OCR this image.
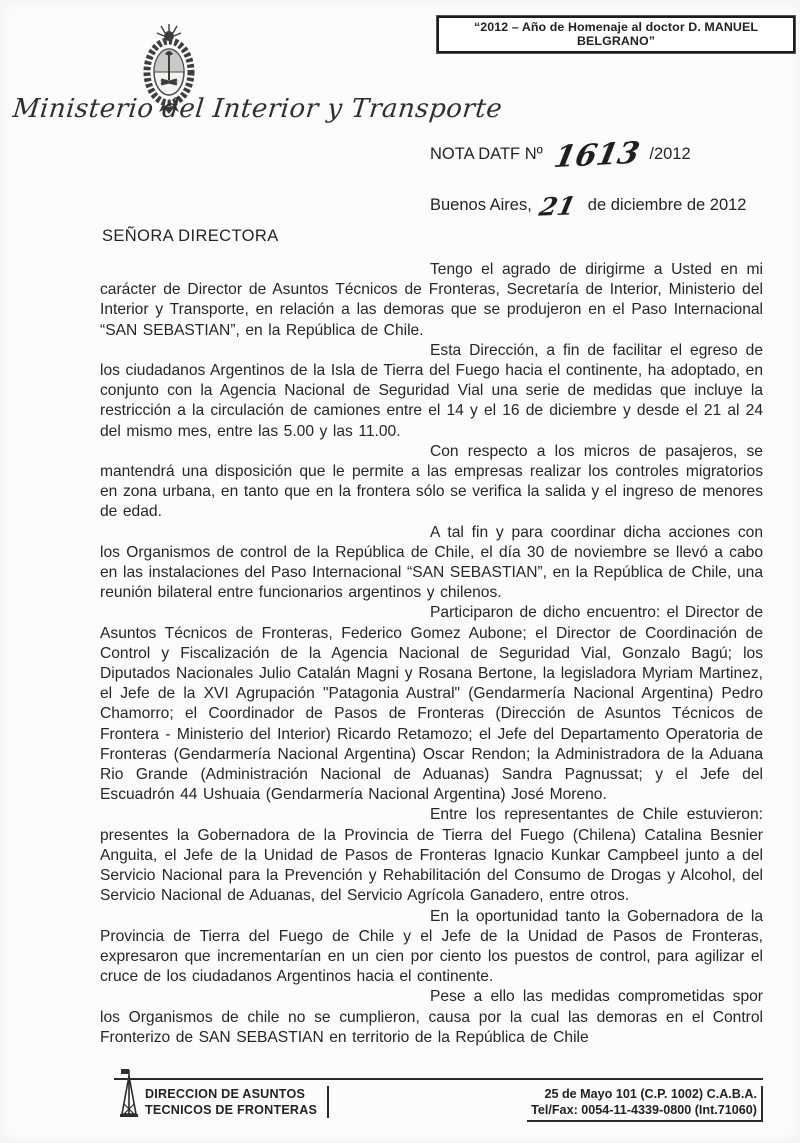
“2012 – Año de Homenaje al doctor D. MANUEL BELGRANO”
Ministerio del Interior y Transporte
NOTA DATF Nº 1613 /2012
Buenos Aires, 21 de diciembre de 2012
SEÑORA DIRECTORA

Tengo el agrado de dirigirme a Usted en mi carácter de Director de Asuntos Técnicos de Fronteras, Secretaría de Interior, Ministerio del Interior y Transporte, en relación a las demoras que se produjeron en el Paso Internacional “SAN SEBASTIAN”, en la República de Chile.

Esta Dirección, a fin de facilitar el egreso de los ciudadanos Argentinos de la Isla de Tierra del Fuego hacia el continente, ha adoptado, en conjunto con la Agencia Nacional de Seguridad Vial una serie de medidas que incluye la restricción a la circulación de camiones entre el 14 y el 16 de diciembre y desde el 21 al 24 del mismo mes, entre las 5.00 y las 11.00.

Con respecto a los micros de pasajeros, se mantendrá una disposición que le permite a las empresas realizar los controles migratorios en zona urbana, en tanto que en la frontera sólo se verifica la salida y el ingreso de menores de edad.

A tal fin y para coordinar dicha acciones con los Organismos de control de la República de Chile, el día 30 de noviembre se llevó a cabo en las instalaciones del Paso Internacional “SAN SEBASTIAN”, en la República de Chile, una reunión bilateral entre funcionarios argentinos y chilenos.

Participaron de dicho encuentro: el Director de Asuntos Técnicos de Fronteras, Federico Gomez Aubone; el Director de Coordinación de Control y Fiscalización de la Agencia Nacional de Seguridad Vial, Gonzalo Bagú; los Diputados Nacionales Julio Catalán Magni y Rosana Bertone, la legisladora Myriam Martinez, el Jefe de la XVI Agrupación "Patagonia Austral" (Gendarmería Nacional Argentina) Pedro Chamorro; el Coordinador de Pasos de Fronteras (Dirección de Asuntos Técnicos de Frontera - Ministerio del Interior) Ricardo Retamozo; el Jefe del Departamento Operatoria de Fronteras (Gendarmería Nacional Argentina) Oscar Rendon; la Administradora de la Aduana Rio Grande (Administración Nacional de Aduanas) Sandra Pagnussat; y el Jefe del Escuadrón 44 Ushuaia (Gendarmería Nacional Argentina) José Moreno.

Entre los representantes de Chile estuvieron: presentes la Gobernadora de la Provincia de Tierra del Fuego (Chilena) Catalina Besnier Anguita, el Jefe de la Unidad de Pasos de Fronteras Ignacio Kunkar Campbeel junto a del Servicio Nacional para la Prevención y Rehabilitación del Consumo de Drogas y Alcohol, del Servicio Nacional de Aduanas, del Servicio Agrícola Ganadero, entre otros.

En la oportunidad tanto la Gobernadora de la Provincia de Tierra del Fuego de Chile y el Jefe de la Unidad de Pasos de Fronteras, expresaron que incrementarían en un cien por ciento los puestos de control, para agilizar el cruce de los ciudadanos Argentinos hacia el continente.

Pese a ello las medidas comprometidas spor los Organismos de chile no se cumplieron, causa por la cual las demoras en el Control Fronterizo de SAN SEBASTIAN en territorio de la República de Chile

DIRECCION DE ASUNTOS
TECNICOS DE FRONTERAS
25 de Mayo 101 (C.P. 1002) C.A.B.A.
Tel/Fax: 0054-11-4339-0800 (Int.71060)
